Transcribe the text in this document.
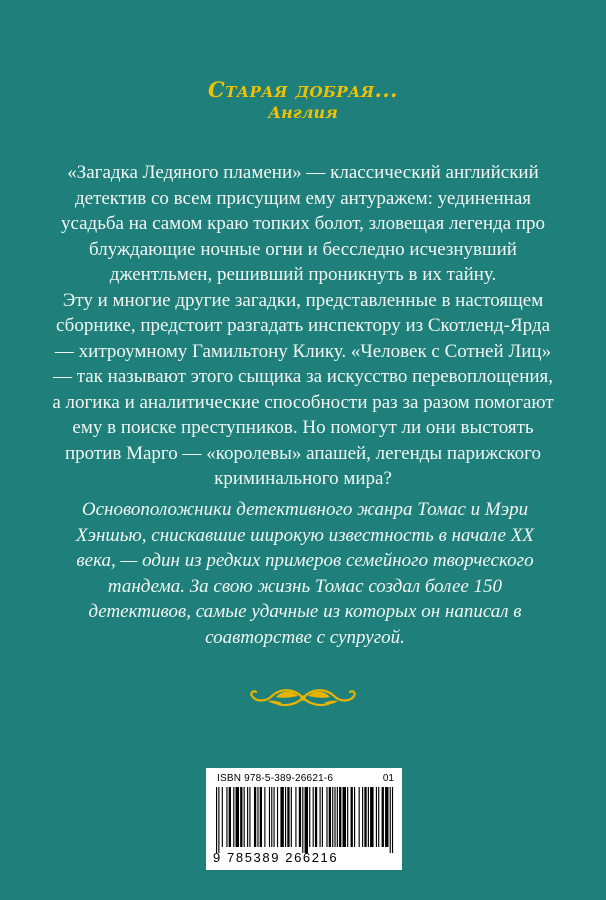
Старая добрая...
Англия

«Загадка Ледяного пламени» — классический английский детектив со всем присущим ему антуражем: уединенная усадьба на самом краю топких болот, зловещая легенда про блуждающие ночные огни и бесследно исчезнувший джентльмен, решивший проникнуть в их тайну.

Эту и многие другие загадки, представленные в настоящем сборнике, предстоит разгадать инспектору из Скотленд-Ярда — хитроумному Гамильтону Клику. «Человек с Сотней Лиц» — так называют этого сыщика за искусство перевоплощения, а логика и аналитические способности раз за разом помогают ему в поиске преступников. Но помогут ли они выстоять против Марго — «королевы» апашей, легенды парижского криминального мира?

Основоположники детективного жанра Томас и Мэри Хэншью, снискавшие широкую известность в начале XX века, — один из редких примеров семейного творческого тандема. За свою жизнь Томас создал более 150 детективов, самые удачные из которых он написал в соавторстве с супругой.
ISBN 978-5-389-26621-6	01
9 785389 266216
